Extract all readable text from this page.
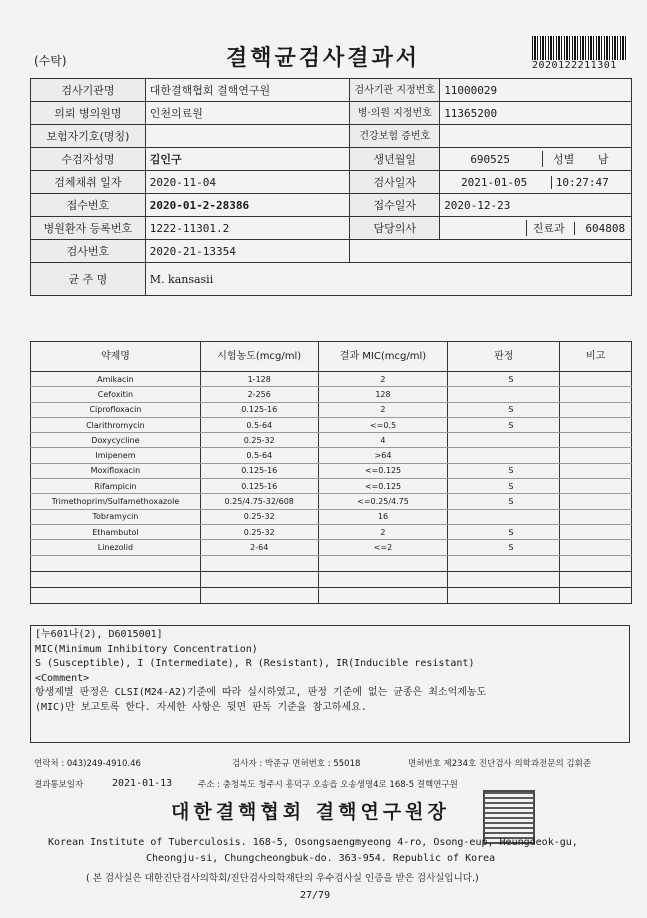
(수탁)	결핵균검사결과서	2020122211301
검사기관명	대한결핵협회 결핵연구원	검사기관 지정번호	11000029
의뢰 병의원명	인천의료원	병·의원 지정번호	11365200
보험자기호(명칭)		건강보험 증번호	
수검자성명	김인구	생년월일	690525 성별 남
검체채취 일자	2020-11-04	검사일자	2021-01-05 10:27:47
접수번호	2020-01-2-28386	접수일자	2020-12-23
병원환자 등록번호	1222-11301.2	담당의사	진료과 604808
검사번호	2020-21-13354		
균 주 명	M. kansasii		
약제명	시험농도(mcg/ml)	결과 MIC(mcg/ml)	판정	비고
Amikacin	1-128	2	S	
Cefoxitin	2-256	128		
Ciprofloxacin	0.125-16	2	S	
Clarithromycin	0.5-64	<=0.5	S	
Doxycycline	0.25-32	4		
Imipenem	0.5-64	>64		
Moxifloxacin	0.125-16	<=0.125	S	
Rifampicin	0.125-16	<=0.125	S	
Trimethoprim/Sulfamethoxazole	0.25/4.75-32/608	<=0.25/4.75	S	
Tobramycin	0.25-32	16		
Ethambutol	0.25-32	2	S	
Linezolid	2-64	<=2	S	

[누601나(2), D6015001]
MIC(Minimum Inhibitory Concentration)
S (Susceptible), I (Intermediate), R (Resistant), IR(Inducible resistant)
<Comment>
항생제별 판정은 CLSI(M24-A2)기준에 따라 실시하였고, 판정 기준에 없는 균종은 최소억제농도
(MIC)만 보고토록 한다. 자세한 사항은 뒷면 판독 기준을 참고하세요.
연락처 : 043)249-4910.46	검사자 : 박준규 면허번호 : 55018	면허번호 제234호 진단검사 의학과전문의 김휘준
결과통보일자	2021-01-13	주소 : 충청북도 청주시 흥덕구 오송읍 오송생명4로 168-5 결핵연구원
대한결핵협회 결핵연구원장
Korean Institute of Tuberculosis. 168-5, Osongsaengmyeong 4-ro, Osong-eup, Heungdeok-gu,
Cheongju-si, Chungcheongbuk-do. 363-954. Republic of Korea
( 본 검사실은 대한진단검사의학회/진단검사의학재단의 우수검사실 인증을 받은 검사실입니다.)
27/79
